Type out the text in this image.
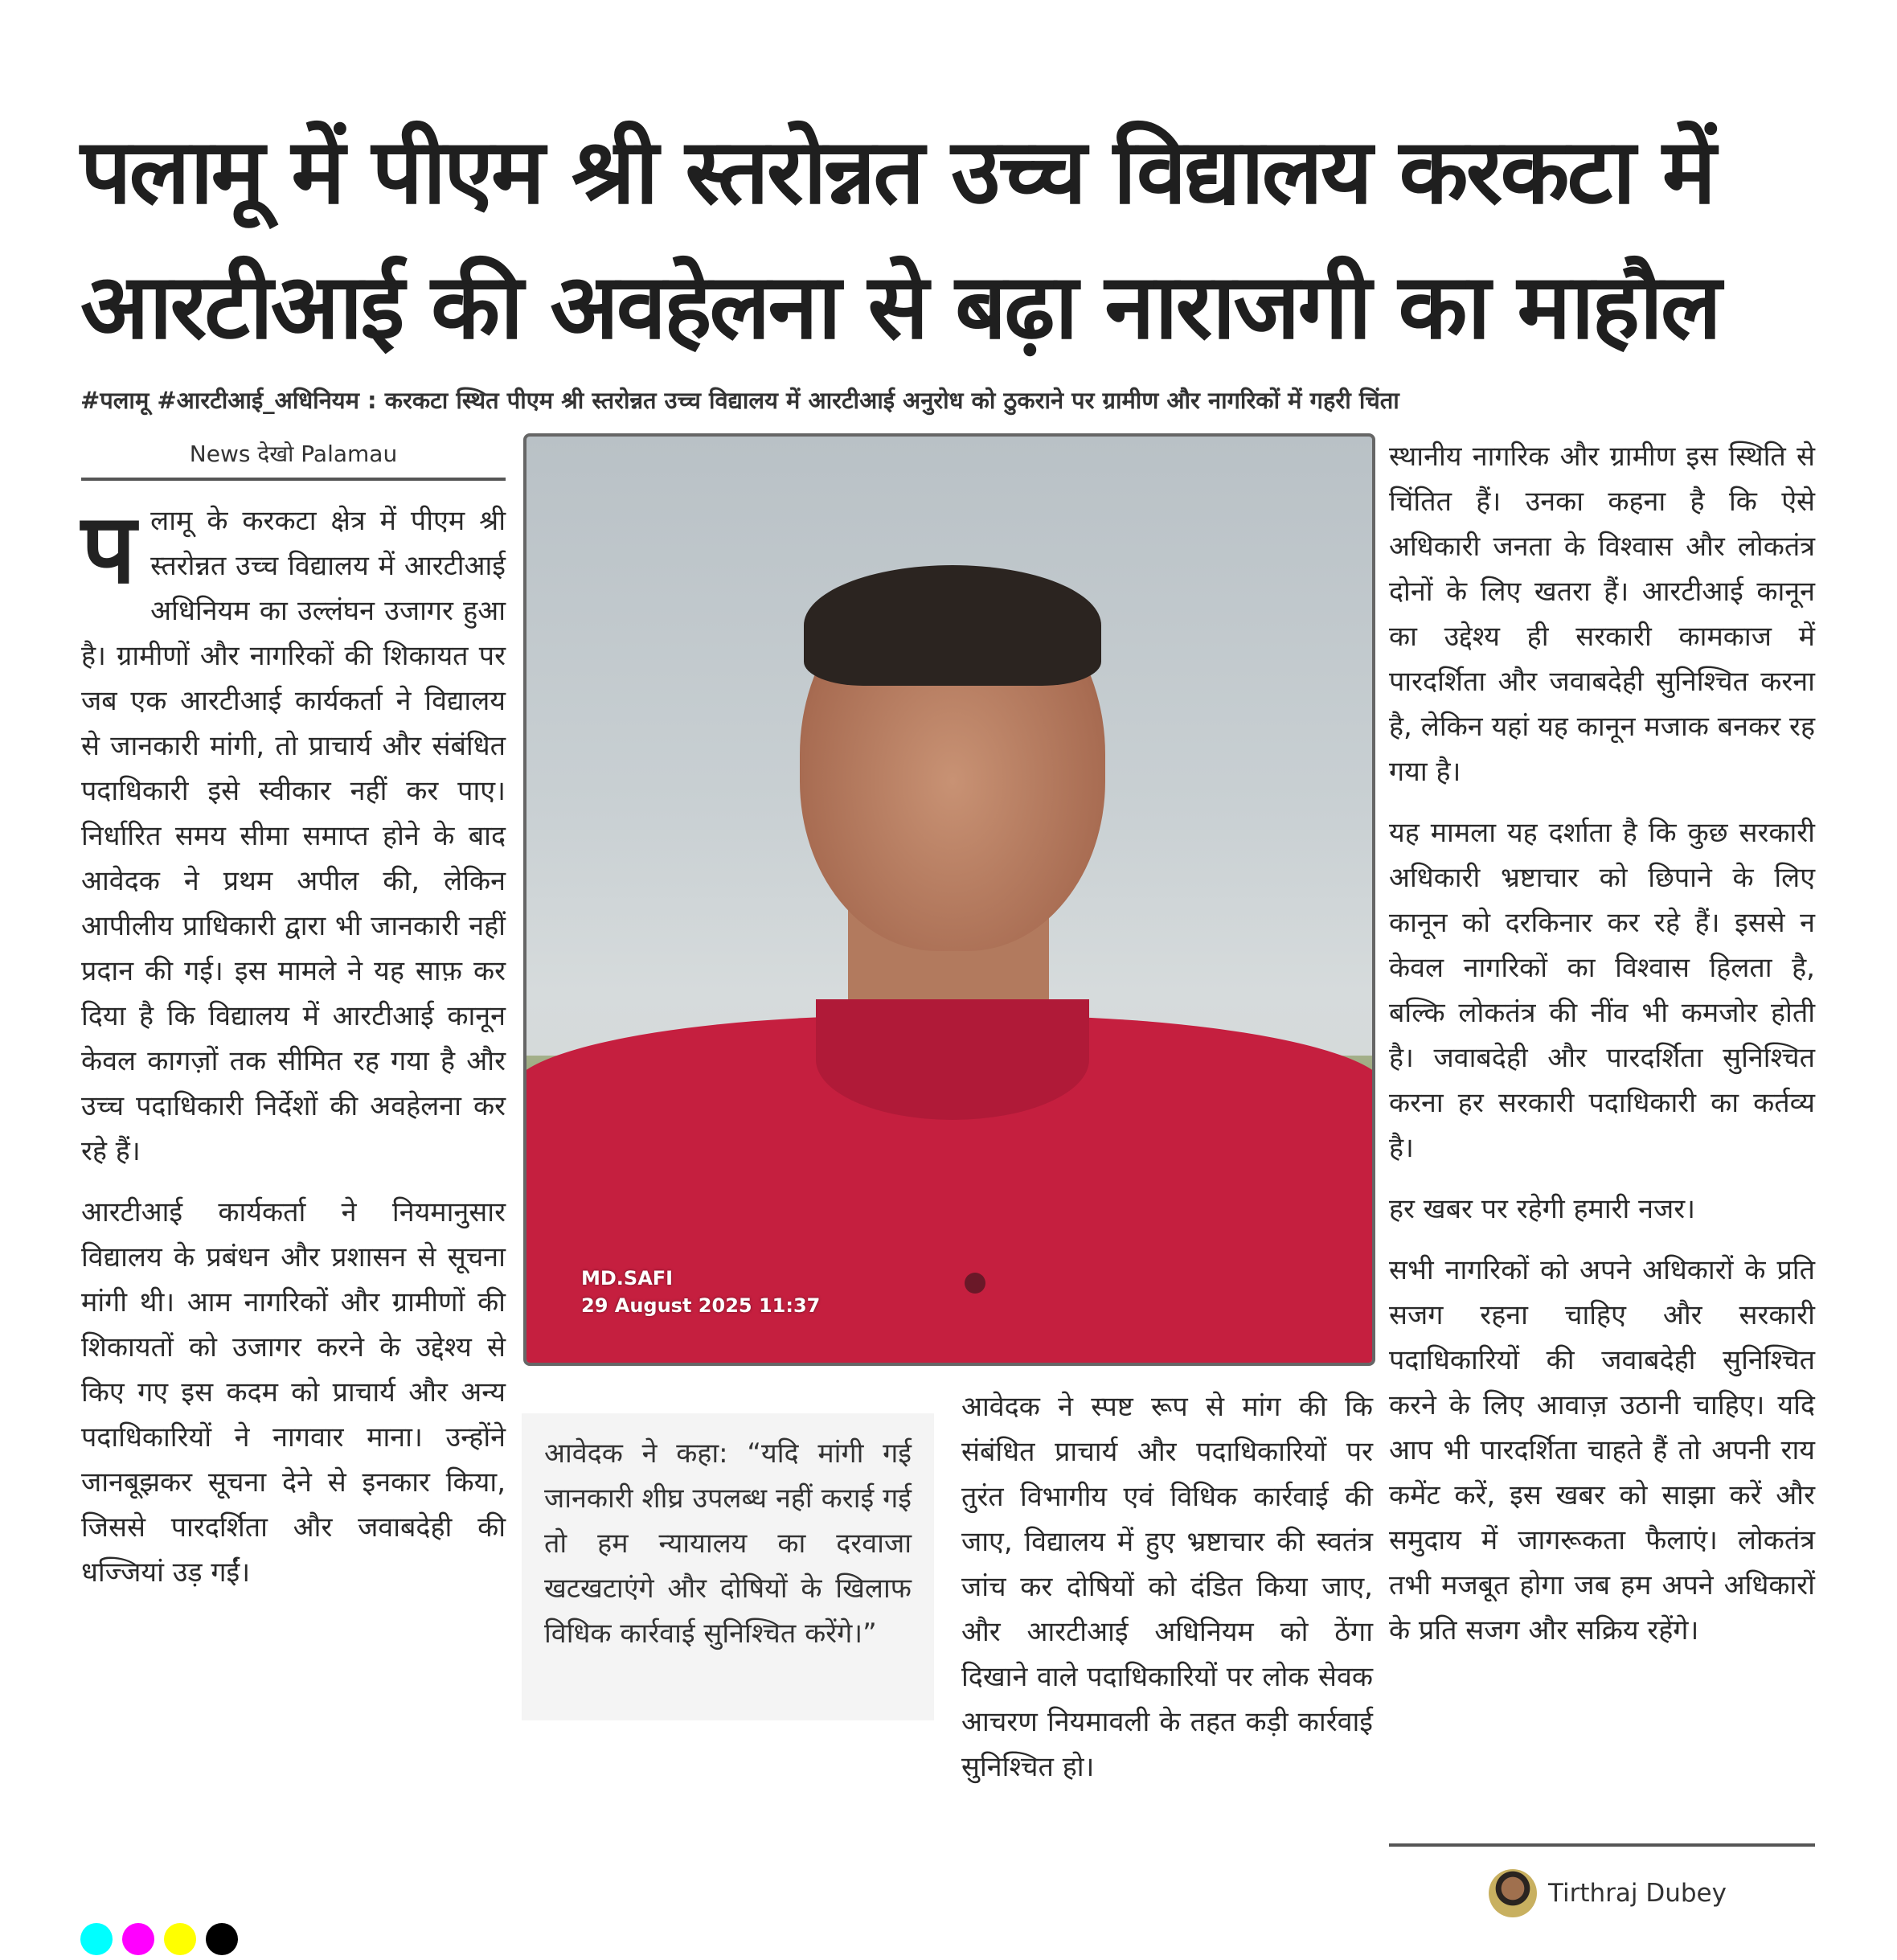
पलामू में पीएम श्री स्तरोन्नत उच्च विद्यालय करकटा में
आरटीआई की अवहेलना से बढ़ा नाराजगी का माहौल
#पलामू #आरटीआई_अधिनियम : करकटा स्थित पीएम श्री स्तरोन्नत उच्च विद्यालय में आरटीआई अनुरोध को ठुकराने पर ग्रामीण और नागरिकों में गहरी चिंता
News देखो Palamau

पलामू के करकटा क्षेत्र में पीएम श्री स्तरोन्नत उच्च विद्यालय में आरटीआई अधिनियम का उल्लंघन उजागर हुआ है। ग्रामीणों और नागरिकों की शिकायत पर जब एक आरटीआई कार्यकर्ता ने विद्यालय से जानकारी मांगी, तो प्राचार्य और संबंधित पदाधिकारी इसे स्वीकार नहीं कर पाए। निर्धारित समय सीमा समाप्त होने के बाद आवेदक ने प्रथम अपील की, लेकिन आपीलीय प्राधिकारी द्वारा भी जानकारी नहीं प्रदान की गई। इस मामले ने यह साफ़ कर दिया है कि विद्यालय में आरटीआई कानून केवल कागज़ों तक सीमित रह गया है और उच्च पदाधिकारी निर्देशों की अवहेलना कर रहे हैं।

आरटीआई कार्यकर्ता ने नियमानुसार विद्यालय के प्रबंधन और प्रशासन से सूचना मांगी थी। आम नागरिकों और ग्रामीणों की शिकायतों को उजागर करने के उद्देश्य से किए गए इस कदम को प्राचार्य और अन्य पदाधिकारियों ने नागवार माना। उन्होंने जानबूझकर सूचना देने से इनकार किया, जिससे पारदर्शिता और जवाबदेही की धज्जियां उड़ गईं।

MD.SAFI
29 August 2025 11:37
आवेदक ने कहा: “यदि मांगी गई जानकारी शीघ्र उपलब्ध नहीं कराई गई तो हम न्यायालय का दरवाजा खटखटाएंगे और दोषियों के खिलाफ विधिक कार्रवाई सुनिश्चित करेंगे।”

आवेदक ने स्पष्ट रूप से मांग की कि संबंधित प्राचार्य और पदाधिकारियों पर तुरंत विभागीय एवं विधिक कार्रवाई की जाए, विद्यालय में हुए भ्रष्टाचार की स्वतंत्र जांच कर दोषियों को दंडित किया जाए, और आरटीआई अधिनियम को ठेंगा दिखाने वाले पदाधिकारियों पर लोक सेवक आचरण नियमावली के तहत कड़ी कार्रवाई सुनिश्चित हो।

स्थानीय नागरिक और ग्रामीण इस स्थिति से चिंतित हैं। उनका कहना है कि ऐसे अधिकारी जनता के विश्वास और लोकतंत्र दोनों के लिए खतरा हैं। आरटीआई कानून का उद्देश्य ही सरकारी कामकाज में पारदर्शिता और जवाबदेही सुनिश्चित करना है, लेकिन यहां यह कानून मजाक बनकर रह गया है।

यह मामला यह दर्शाता है कि कुछ सरकारी अधिकारी भ्रष्टाचार को छिपाने के लिए कानून को दरकिनार कर रहे हैं। इससे न केवल नागरिकों का विश्वास हिलता है, बल्कि लोकतंत्र की नींव भी कमजोर होती है। जवाबदेही और पारदर्शिता सुनिश्चित करना हर सरकारी पदाधिकारी का कर्तव्य है।

हर खबर पर रहेगी हमारी नजर।

सभी नागरिकों को अपने अधिकारों के प्रति सजग रहना चाहिए और सरकारी पदाधिकारियों की जवाबदेही सुनिश्चित करने के लिए आवाज़ उठानी चाहिए। यदि आप भी पारदर्शिता चाहते हैं तो अपनी राय कमेंट करें, इस खबर को साझा करें और समुदाय में जागरूकता फैलाएं। लोकतंत्र तभी मजबूत होगा जब हम अपने अधिकारों के प्रति सजग और सक्रिय रहेंगे।

Tirthraj Dubey
